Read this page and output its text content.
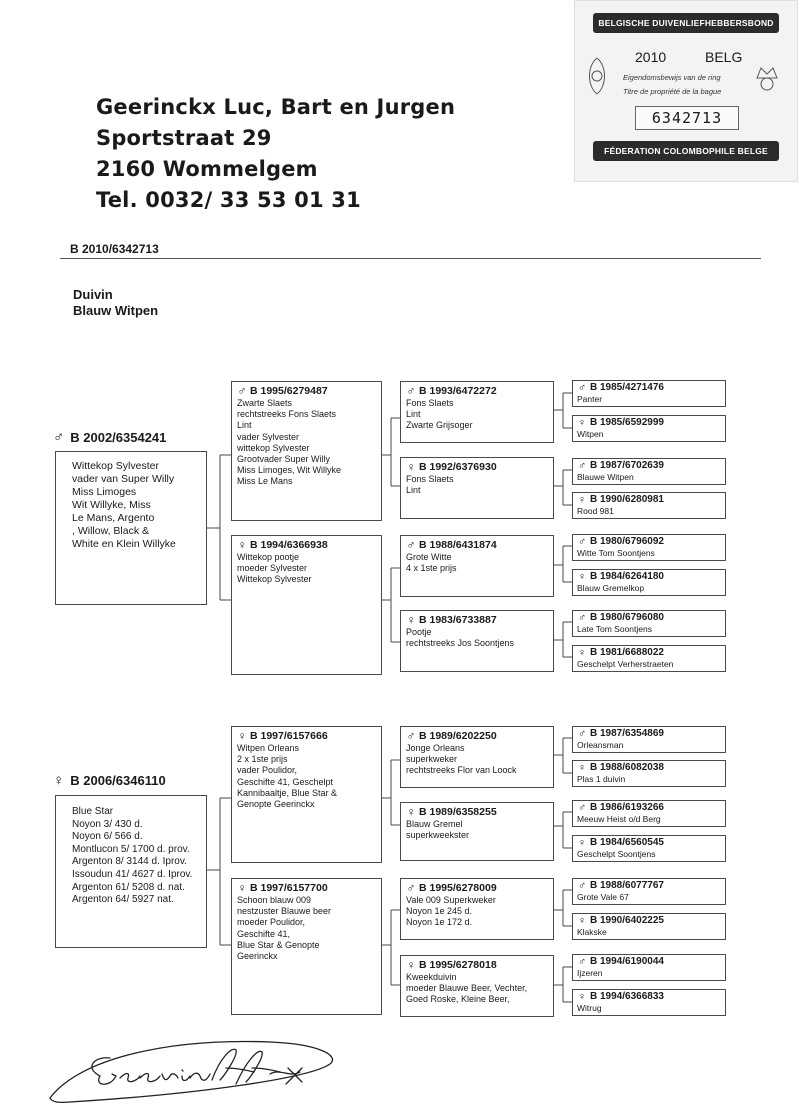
Geerinckx Luc, Bart en Jurgen
Sportstraat 29
2160 Wommelgem
Tel. 0032/ 33 53 01 31
BELGISCHE DUIVENLIEFHEBBERSBOND
2010	BELG
Eigendomsbewijs van de ring
Titre de propriété de la bague
6342713
FÉDERATION COLOMBOPHILE BELGE
B 2010/6342713
Duivin
Blauw Witpen
♂ B 2002/6354241
Wittekop Sylvester
vader van Super Willy
Miss Limoges
Wit Willyke, Miss
Le Mans, Argento
, Willow, Black &
White en Klein Willyke
♀ B 2006/6346110
Blue Star
Noyon 3/ 430 d.
Noyon 6/ 566 d.
Montlucon 5/ 1700 d. prov.
Argenton 8/ 3144 d. Iprov.
Issoudun 41/ 4627 d. Iprov.
Argenton 61/ 5208 d. nat.
Argenton 64/ 5927 nat.
♂ B 1995/6279487
Zwarte Slaets
rechtstreeks Fons Slaets
Lint
vader Sylvester
wittekop Sylvester
Grootvader Super Willy
Miss Limoges, Wit Willyke
Miss Le Mans
♀ B 1994/6366938
Wittekop pootje
moeder Sylvester
Wittekop Sylvester
♀ B 1997/6157666
Witpen Orleans
2 x 1ste prijs
vader Poulidor,
Geschifte 41, Geschelpt
Kannibaaltje, Blue Star &
Genopte Geerinckx
♀ B 1997/6157700
Schoon blauw 009
nestzuster Blauwe beer
moeder Poulidor,
Geschifte 41,
Blue Star & Genopte
Geerinckx
♂ B 1993/6472272
Fons Slaets
Lint
Zwarte Grijsoger
♀ B 1992/6376930
Fons Slaets
Lint
♂ B 1988/6431874
Grote Witte
4 x 1ste prijs
♀ B 1983/6733887
Pootje
rechtstreeks Jos Soontjens
♂ B 1989/6202250
Jonge Orleans
superkweker
rechtstreeks Flor van Loock
♀ B 1989/6358255
Blauw Gremel
superkweekster
♂ B 1995/6278009
Vale 009 Superkweker
Noyon 1e 245 d.
Noyon 1e 172 d.
♀ B 1995/6278018
Kweekduivin
moeder Blauwe Beer, Vechter,
Goed Roske, Kleine Beer,
♂ B 1985/4271476
Panter
♀ B 1985/6592999
Witpen
♂ B 1987/6702639
Blauwe Witpen
♀ B 1990/6280981
Rood 981
♂ B 1980/6796092
Witte Tom Soontjens
♀ B 1984/6264180
Blauw Gremelkop
♂ B 1980/6796080
Late Tom Soontjens
♀ B 1981/6688022
Geschelpt Verherstraeten
♂ B 1987/6354869
Orleansman
♀ B 1988/6082038
Plas 1 duivin
♂ B 1986/6193266
Meeuw Heist o/d Berg
♀ B 1984/6560545
Geschelpt Soontjens
♂ B 1988/6077767
Grote Vale 67
♀ B 1990/6402225
Klakske
♂ B 1994/6190044
Ijzeren
♀ B 1994/6366833
Witrug
